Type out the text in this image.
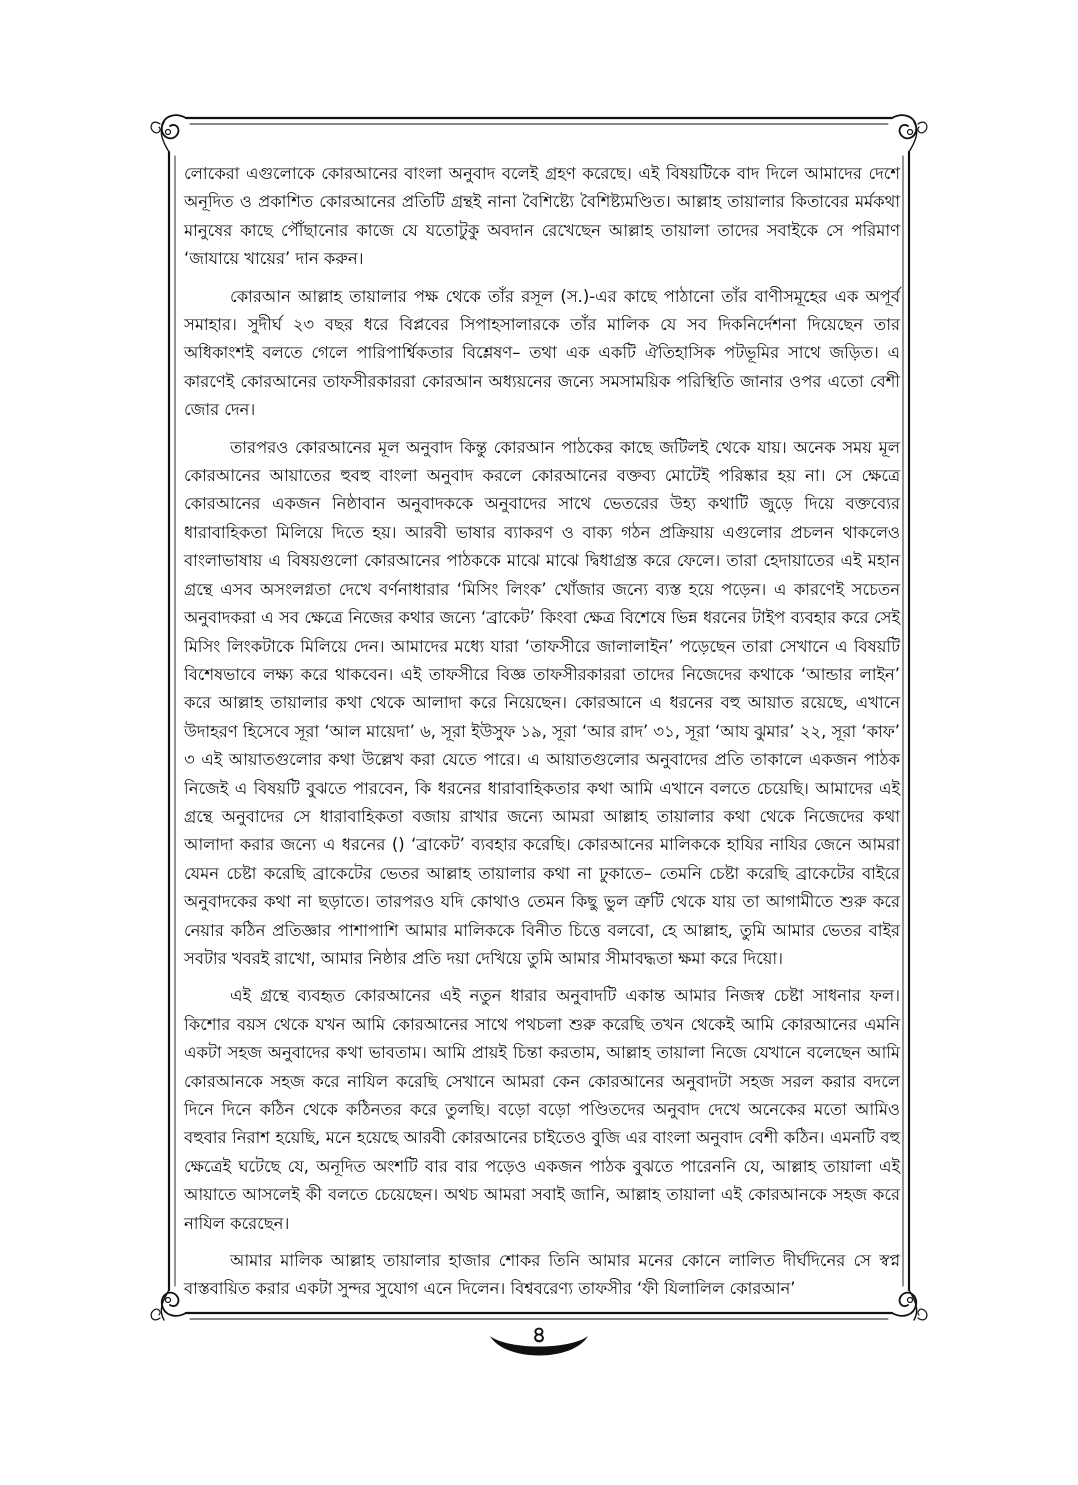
লোকেরা এগুলোকে কোরআনের বাংলা অনুবাদ বলেই গ্রহণ করেছে। এই বিষয়টিকে বাদ দিলে আমাদের দেশে অনূদিত ও প্রকাশিত কোরআনের প্রতিটি গ্রন্থই নানা বৈশিষ্ট্যে বৈশিষ্ট্যমণ্ডিত। আল্লাহ তায়ালার কিতাবের মর্মকথা মানুষের কাছে পৌঁছানোর কাজে যে যতোটুকু অবদান রেখেছেন আল্লাহ তায়ালা তাদের সবাইকে সে পরিমাণ ‘জাযায়ে খায়ের’ দান করুন।

কোরআন আল্লাহ তায়ালার পক্ষ থেকে তাঁর রসূল (স.)-এর কাছে পাঠানো তাঁর বাণীসমূহের এক অপূর্ব সমাহার। সুদীর্ঘ ২৩ বছর ধরে বিপ্লবের সিপাহসালারকে তাঁর মালিক যে সব দিকনির্দেশনা দিয়েছেন তার অধিকাংশই বলতে গেলে পারিপার্শ্বিকতার বিশ্লেষণ– তথা এক একটি ঐতিহাসিক পটভূমির সাথে জড়িত। এ কারণেই কোরআনের তাফসীরকাররা কোরআন অধ্যয়নের জন্যে সমসাময়িক পরিস্থিতি জানার ওপর এতো বেশী জোর দেন।

তারপরও কোরআনের মূল অনুবাদ কিন্তু কোরআন পাঠকের কাছে জটিলই থেকে যায়। অনেক সময় মূল কোরআনের আয়াতের হুবহু বাংলা অনুবাদ করলে কোরআনের বক্তব্য মোটেই পরিষ্কার হয় না। সে ক্ষেত্রে কোরআনের একজন নিষ্ঠাবান অনুবাদককে অনুবাদের সাথে ভেতরের উহ্য কথাটি জুড়ে দিয়ে বক্তব্যের ধারাবাহিকতা মিলিয়ে দিতে হয়। আরবী ভাষার ব্যাকরণ ও বাক্য গঠন প্রক্রিয়ায় এগুলোর প্রচলন থাকলেও বাংলাভাষায় এ বিষয়গুলো কোরআনের পাঠককে মাঝে মাঝে দ্বিধাগ্রস্ত করে ফেলে। তারা হেদায়াতের এই মহান গ্রন্থে এসব অসংলগ্নতা দেখে বর্ণনাধারার ‘মিসিং লিংক’ খোঁজার জন্যে ব্যস্ত হয়ে পড়েন। এ কারণেই সচেতন অনুবাদকরা এ সব ক্ষেত্রে নিজের কথার জন্যে ‘ব্রাকেট’ কিংবা ক্ষেত্র বিশেষে ভিন্ন ধরনের টাইপ ব্যবহার করে সেই মিসিং লিংকটাকে মিলিয়ে দেন। আমাদের মধ্যে যারা ‘তাফসীরে জালালাইন’ পড়েছেন তারা সেখানে এ বিষয়টি বিশেষভাবে লক্ষ্য করে থাকবেন। এই তাফসীরে বিজ্ঞ তাফসীরকাররা তাদের নিজেদের কথাকে ‘আন্ডার লাইন’ করে আল্লাহ তায়ালার কথা থেকে আলাদা করে নিয়েছেন। কোরআনে এ ধরনের বহু আয়াত রয়েছে, এখানে উদাহরণ হিসেবে সূরা ‘আল মায়েদা’ ৬, সূরা ইউসুফ ১৯, সূরা ‘আর রাদ’ ৩১, সূরা ‘আয ঝুমার’ ২২, সূরা ‘কাফ’ ৩ এই আয়াতগুলোর কথা উল্লেখ করা যেতে পারে। এ আয়াতগুলোর অনুবাদের প্রতি তাকালে একজন পাঠক নিজেই এ বিষয়টি বুঝতে পারবেন, কি ধরনের ধারাবাহিকতার কথা আমি এখানে বলতে চেয়েছি। আমাদের এই গ্রন্থে অনুবাদের সে ধারাবাহিকতা বজায় রাখার জন্যে আমরা আল্লাহ তায়ালার কথা থেকে নিজেদের কথা আলাদা করার জন্যে এ ধরনের () ‘ব্রাকেট’ ব্যবহার করেছি। কোরআনের মালিককে হাযির নাযির জেনে আমরা যেমন চেষ্টা করেছি ব্রাকেটের ভেতর আল্লাহ তায়ালার কথা না ঢুকাতে– তেমনি চেষ্টা করেছি ব্রাকেটের বাইরে অনুবাদকের কথা না ছড়াতে। তারপরও যদি কোথাও তেমন কিছু ভুল ত্রুটি থেকে যায় তা আগামীতে শুরু করে নেয়ার কঠিন প্রতিজ্ঞার পাশাপাশি আমার মালিককে বিনীত চিত্তে বলবো, হে আল্লাহ, তুমি আমার ভেতর বাইর সবটার খবরই রাখো, আমার নিষ্ঠার প্রতি দয়া দেখিয়ে তুমি আমার সীমাবদ্ধতা ক্ষমা করে দিয়ো।

এই গ্রন্থে ব্যবহৃত কোরআনের এই নতুন ধারার অনুবাদটি একান্ত আমার নিজস্ব চেষ্টা সাধনার ফল। কিশোর বয়স থেকে যখন আমি কোরআনের সাথে পথচলা শুরু করেছি তখন থেকেই আমি কোরআনের এমনি একটা সহজ অনুবাদের কথা ভাবতাম। আমি প্রায়ই চিন্তা করতাম, আল্লাহ তায়ালা নিজে যেখানে বলেছেন আমি কোরআনকে সহজ করে নাযিল করেছি সেখানে আমরা কেন কোরআনের অনুবাদটা সহজ সরল করার বদলে দিনে দিনে কঠিন থেকে কঠিনতর করে তুলছি। বড়ো বড়ো পণ্ডিতদের অনুবাদ দেখে অনেকের মতো আমিও বহুবার নিরাশ হয়েছি, মনে হয়েছে আরবী কোরআনের চাইতেও বুজি এর বাংলা অনুবাদ বেশী কঠিন। এমনটি বহু ক্ষেত্রেই ঘটেছে যে, অনূদিত অংশটি বার বার পড়েও একজন পাঠক বুঝতে পারেননি যে, আল্লাহ তায়ালা এই আয়াতে আসলেই কী বলতে চেয়েছেন। অথচ আমরা সবাই জানি, আল্লাহ তায়ালা এই কোরআনকে সহজ করে নাযিল করেছেন।

আমার মালিক আল্লাহ তায়ালার হাজার শোকর তিনি আমার মনের কোনে লালিত দীর্ঘদিনের সে স্বপ্ন বাস্তবায়িত করার একটা সুন্দর সুযোগ এনে দিলেন। বিশ্ববরেণ্য তাফসীর ‘ফী যিলালিল কোরআন’

৪
